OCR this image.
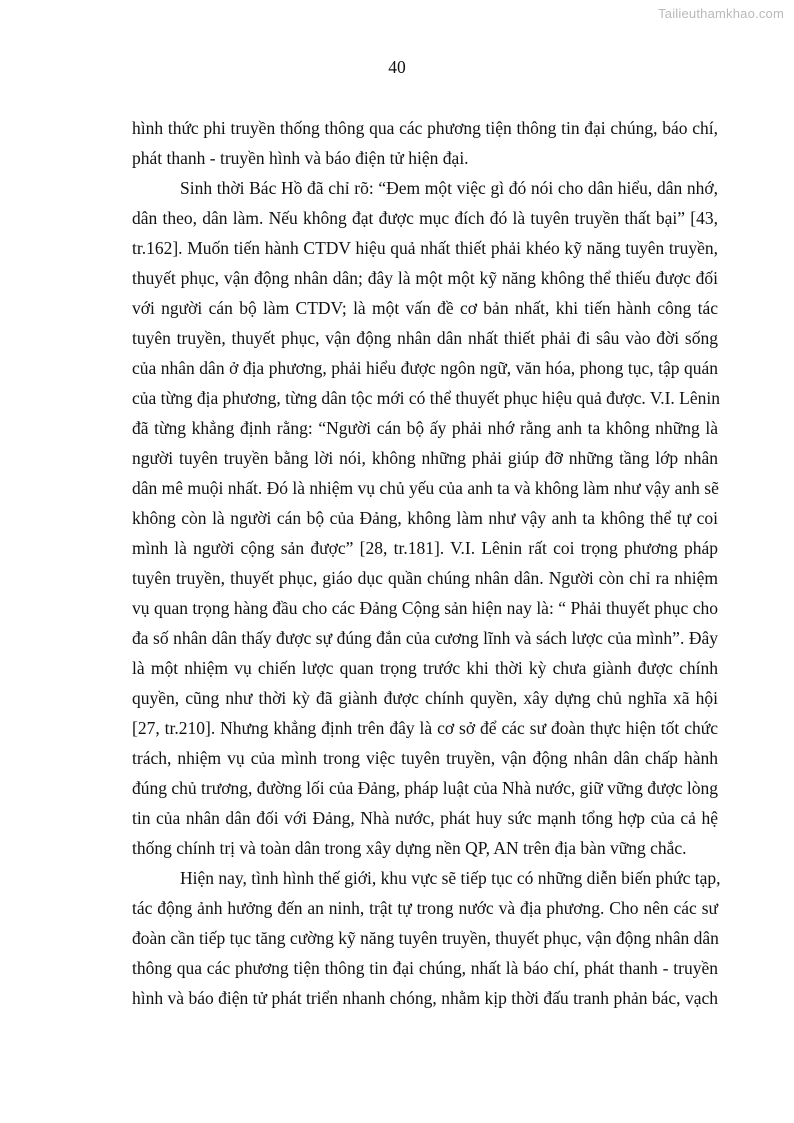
Tailieuthamkhao.com
40
hình thức phi truyền thống thông qua các phương tiện thông tin đại chúng, báo chí,
phát thanh - truyền hình và báo điện tử hiện đại.
Sinh thời Bác Hồ đã chỉ rõ: “Đem một việc gì đó nói cho dân hiểu, dân nhớ,
dân theo, dân làm. Nếu không đạt được mục đích đó là tuyên truyền thất bại” [43,
tr.162]. Muốn tiến hành CTDV hiệu quả nhất thiết phải khéo kỹ năng tuyên truyền,
thuyết phục, vận động nhân dân; đây là một một kỹ năng không thể thiếu được đối
với người cán bộ làm CTDV; là một vấn đề cơ bản nhất, khi tiến hành công tác
tuyên truyền, thuyết phục, vận động nhân dân nhất thiết phải đi sâu vào đời sống
của nhân dân ở địa phương, phải hiểu được ngôn ngữ, văn hóa, phong tục, tập quán
của từng địa phương, từng dân tộc mới có thể thuyết phục hiệu quả được. V.I. Lênin
đã từng khẳng định rằng: “Người cán bộ ấy phải nhớ rằng anh ta không những là
người tuyên truyền bằng lời nói, không những phải giúp đỡ những tầng lớp nhân
dân mê muội nhất. Đó là nhiệm vụ chủ yếu của anh ta và không làm như vậy anh sẽ
không còn là người cán bộ của Đảng, không làm như vậy anh ta không thể tự coi
mình là người cộng sản được” [28, tr.181]. V.I. Lênin rất coi trọng phương pháp
tuyên truyền, thuyết phục, giáo dục quần chúng nhân dân. Người còn chỉ ra nhiệm
vụ quan trọng hàng đầu cho các Đảng Cộng sản hiện nay là: “ Phải thuyết phục cho
đa số nhân dân thấy được sự đúng đắn của cương lĩnh và sách lược của mình”. Đây
là một nhiệm vụ chiến lược quan trọng trước khi thời kỳ chưa giành được chính
quyền, cũng như thời kỳ đã giành được chính quyền, xây dựng chủ nghĩa xã hội
[27, tr.210]. Nhưng khẳng định trên đây là cơ sở để các sư đoàn thực hiện tốt chức
trách, nhiệm vụ của mình trong việc tuyên truyền, vận động nhân dân chấp hành
đúng chủ trương, đường lối của Đảng, pháp luật của Nhà nước, giữ vững được lòng
tin của nhân dân đối với Đảng, Nhà nước, phát huy sức mạnh tổng hợp của cả hệ
thống chính trị và toàn dân trong xây dựng nền QP, AN trên địa bàn vững chắc.
Hiện nay, tình hình thế giới, khu vực sẽ tiếp tục có những diễn biến phức tạp,
tác động ảnh hưởng đến an ninh, trật tự trong nước và địa phương. Cho nên các sư
đoàn cần tiếp tục tăng cường kỹ năng tuyên truyền, thuyết phục, vận động nhân dân
thông qua các phương tiện thông tin đại chúng, nhất là báo chí, phát thanh - truyền
hình và báo điện tử phát triển nhanh chóng, nhằm kịp thời đấu tranh phản bác, vạch
